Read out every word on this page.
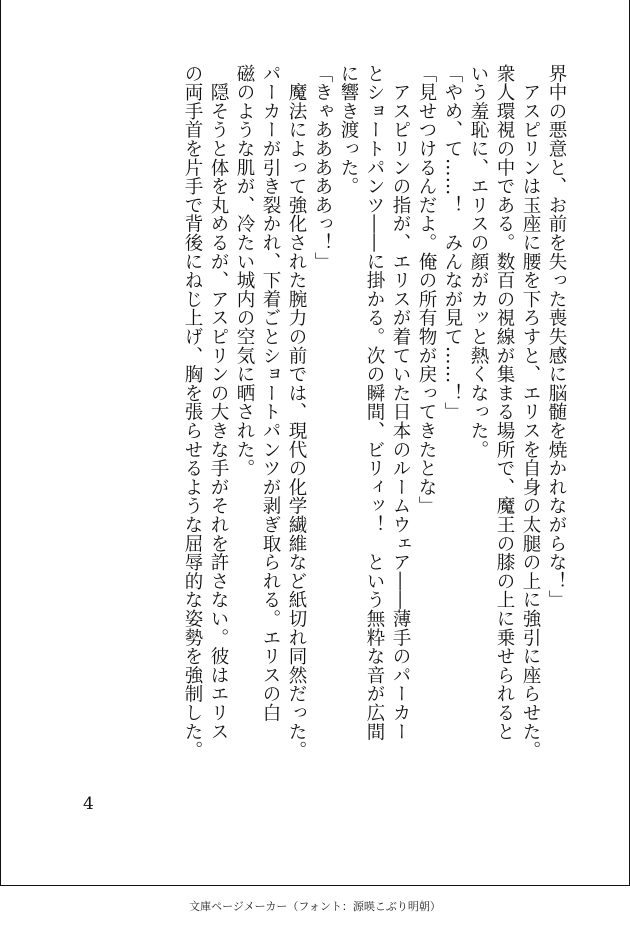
界中の悪意と、お前を失った喪失感に脳髄を焼かれながらな！」

　アスピリンは玉座に腰を下ろすと、エリスを自身の太腿の上に強引に座らせた。

衆人環視の中である。数百の視線が集まる場所で、魔王の膝の上に乗せられると

いう羞恥に、エリスの顔がカッと熱くなった。

「やめ、て……！　みんなが見て……！」

「見せつけるんだよ。俺の所有物が戻ってきたとな」

　アスピリンの指が、エリスが着ていた日本のルームウェア――薄手のパーカー

とショートパンツ――に掛かる。次の瞬間、ビリィッ！　という無粋な音が広間

に響き渡った。

「きゃあああああっ！」

　魔法によって強化された腕力の前では、現代の化学繊維など紙切れ同然だった。

パーカーが引き裂かれ、下着ごとショートパンツが剥ぎ取られる。エリスの白

磁のような肌が、冷たい城内の空気に晒された。

　隠そうと体を丸めるが、アスピリンの大きな手がそれを許さない。彼はエリス

の両手首を片手で背後にねじ上げ、胸を張らせるような屈辱的な姿勢を強制した。

4
文庫ページメーカー（フォント：源暎こぶり明朝）
